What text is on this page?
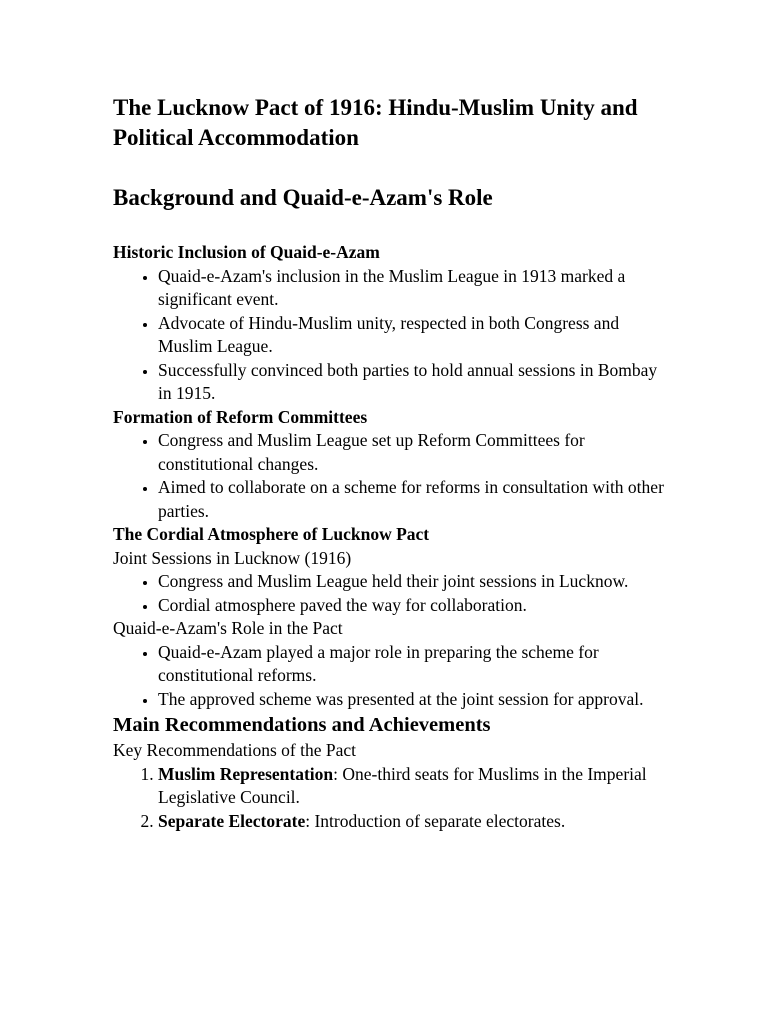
The Lucknow Pact of 1916: Hindu-Muslim Unity and Political Accommodation
Background and Quaid-e-Azam's Role

Historic Inclusion of Quaid-e-Azam

• Quaid-e-Azam's inclusion in the Muslim League in 1913 marked a significant event.
• Advocate of Hindu-Muslim unity, respected in both Congress and Muslim League.
• Successfully convinced both parties to hold annual sessions in Bombay in 1915.

Formation of Reform Committees

• Congress and Muslim League set up Reform Committees for constitutional changes.
• Aimed to collaborate on a scheme for reforms in consultation with other parties.

The Cordial Atmosphere of Lucknow Pact

Joint Sessions in Lucknow (1916)

• Congress and Muslim League held their joint sessions in Lucknow.
• Cordial atmosphere paved the way for collaboration.

Quaid-e-Azam's Role in the Pact

• Quaid-e-Azam played a major role in preparing the scheme for constitutional reforms.
• The approved scheme was presented at the joint session for approval.

Main Recommendations and Achievements

Key Recommendations of the Pact

1. Muslim Representation: One-third seats for Muslims in the Imperial Legislative Council.
2. Separate Electorate: Introduction of separate electorates.
